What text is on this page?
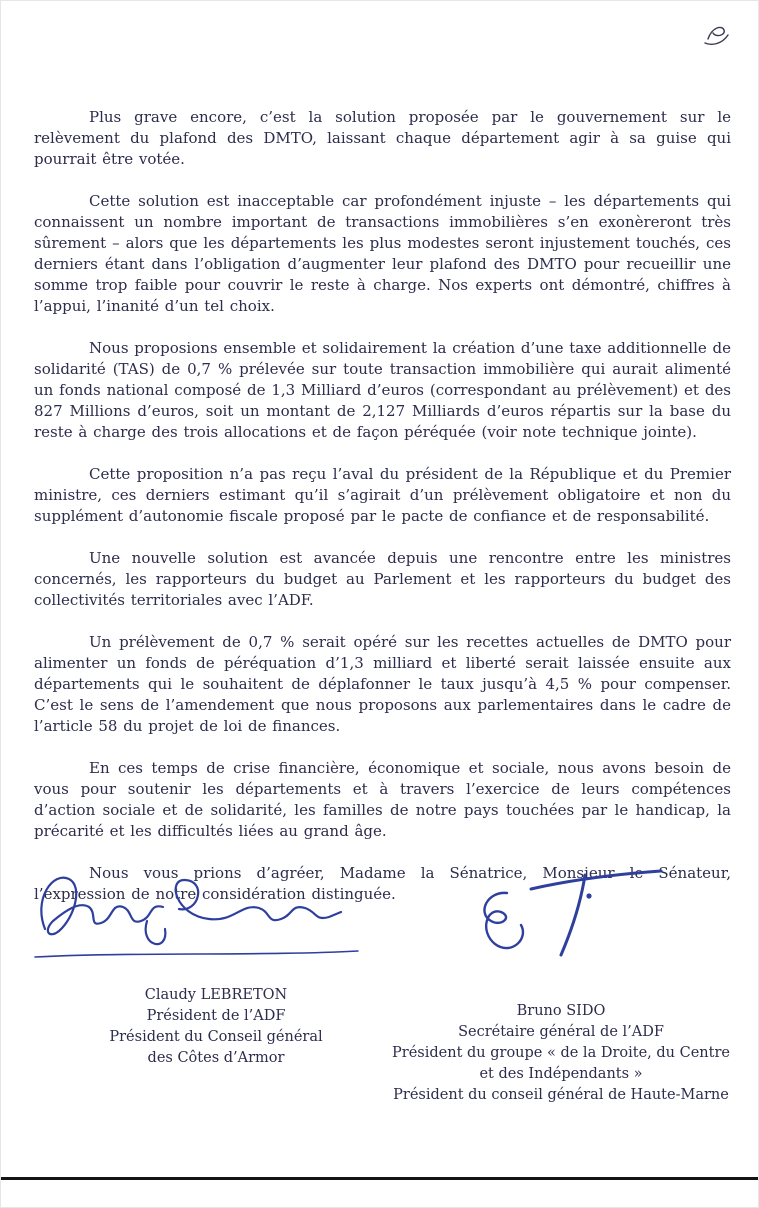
Plus grave encore, c’est la solution proposée par le gouvernement sur le relèvement du plafond des DMTO, laissant chaque département agir à sa guise qui pourrait être votée.

Cette solution est inacceptable car profondément injuste – les départements qui connaissent un nombre important de transactions immobilières s’en exonèreront très sûrement – alors que les départements les plus modestes seront injustement touchés, ces derniers étant dans l’obligation d’augmenter leur plafond des DMTO pour recueillir une somme trop faible pour couvrir le reste à charge. Nos experts ont démontré, chiffres à l’appui, l’inanité d’un tel choix.

Nous proposions ensemble et solidairement la création d’une taxe additionnelle de solidarité (TAS) de 0,7 % prélevée sur toute transaction immobilière qui aurait alimenté un fonds national composé de 1,3 Milliard d’euros (correspondant au prélèvement) et des 827 Millions d’euros, soit un montant de 2,127 Milliards d’euros répartis sur la base du reste à charge des trois allocations et de façon péréquée (voir note technique jointe).

Cette proposition n’a pas reçu l’aval du président de la République et du Premier ministre, ces derniers estimant qu’il s’agirait d’un prélèvement obligatoire et non du supplément d’autonomie fiscale proposé par le pacte de confiance et de responsabilité.

Une nouvelle solution est avancée depuis une rencontre entre les ministres concernés, les rapporteurs du budget au Parlement et les rapporteurs du budget des collectivités territoriales avec l’ADF.

Un prélèvement de 0,7 % serait opéré sur les recettes actuelles de DMTO pour alimenter un fonds de péréquation d’1,3 milliard et liberté serait laissée ensuite aux départements qui le souhaitent de déplafonner le taux jusqu’à 4,5 % pour compenser. C’est le sens de l’amendement que nous proposons aux parlementaires dans le cadre de l’article 58 du projet de loi de finances.

En ces temps de crise financière, économique et sociale, nous avons besoin de vous pour soutenir les départements et à travers l’exercice de leurs compétences d’action sociale et de solidarité, les familles de notre pays touchées par le handicap, la précarité et les difficultés liées au grand âge.

Nous vous prions d’agréer, Madame la Sénatrice, Monsieur le Sénateur, l’expression de notre considération distinguée.

Claudy LEBRETON
Président de l’ADF
Président du Conseil général
des Côtes d’Armor
Bruno SIDO
Secrétaire général de l’ADF
Président du groupe « de la Droite, du Centre
et des Indépendants »
Président du conseil général de Haute-Marne
